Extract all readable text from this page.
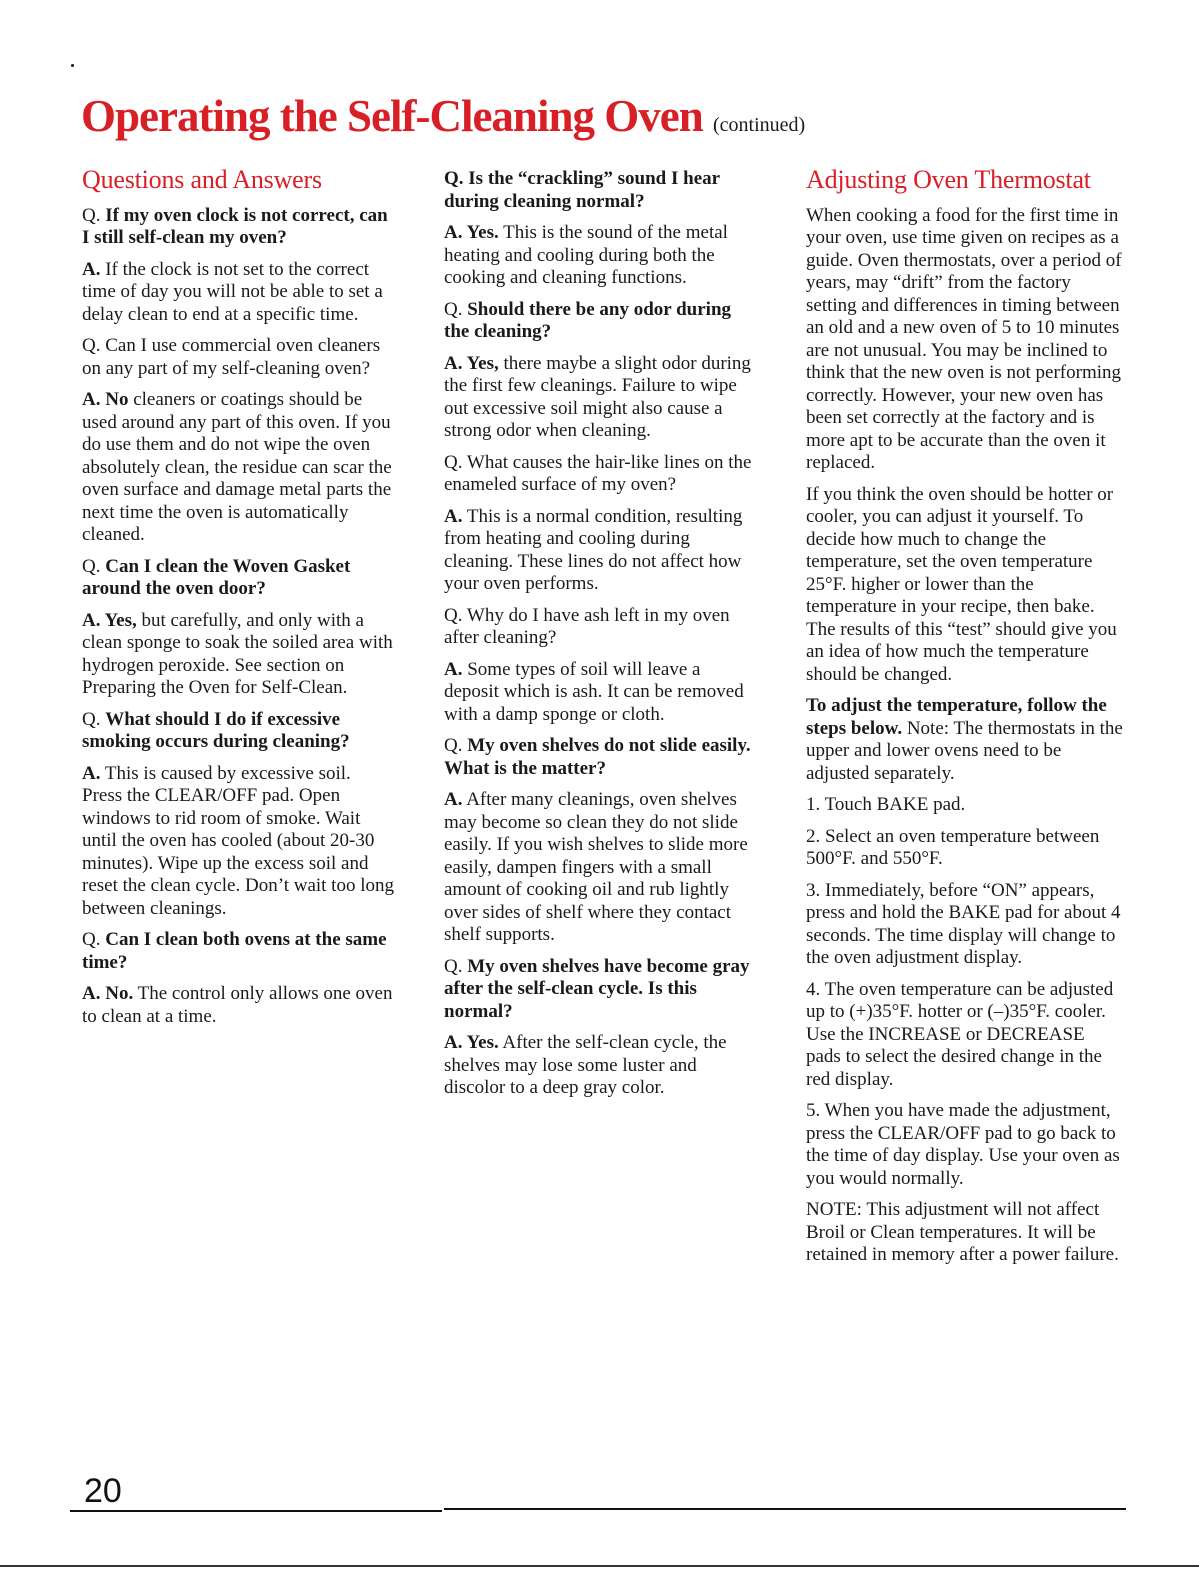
Operating the Self-Cleaning Oven (continued)
Questions and Answers

Q. If my oven clock is not correct, can I still self-clean my oven?

A. If the clock is not set to the correct time of day you will not be able to set a delay clean to end at a specific time.

Q. Can I use commercial oven cleaners on any part of my self-cleaning oven?

A. No cleaners or coatings should be used around any part of this oven. If you do use them and do not wipe the oven absolutely clean, the residue can scar the oven surface and damage metal parts the next time the oven is automatically cleaned.

Q. Can I clean the Woven Gasket around the oven door?

A. Yes, but carefully, and only with a clean sponge to soak the soiled area with hydrogen peroxide. See section on Preparing the Oven for Self-Clean.

Q. What should I do if excessive smoking occurs during cleaning?

A. This is caused by excessive soil. Press the CLEAR/OFF pad. Open windows to rid room of smoke. Wait until the oven has cooled (about 20-30 minutes). Wipe up the excess soil and reset the clean cycle. Don’t wait too long between cleanings.

Q. Can I clean both ovens at the same time?

A. No. The control only allows one oven to clean at a time.

Q. Is the “crackling” sound I hear during cleaning normal?

A. Yes. This is the sound of the metal heating and cooling during both the cooking and cleaning functions.

Q. Should there be any odor during the cleaning?

A. Yes, there maybe a slight odor during the first few cleanings. Failure to wipe out excessive soil might also cause a strong odor when cleaning.

Q. What causes the hair-like lines on the enameled surface of my oven?

A. This is a normal condition, resulting from heating and cooling during cleaning. These lines do not affect how your oven performs.

Q. Why do I have ash left in my oven after cleaning?

A. Some types of soil will leave a deposit which is ash. It can be removed with a damp sponge or cloth.

Q. My oven shelves do not slide easily. What is the matter?

A. After many cleanings, oven shelves may become so clean they do not slide easily. If you wish shelves to slide more easily, dampen fingers with a small amount of cooking oil and rub lightly over sides of shelf where they contact shelf supports.

Q. My oven shelves have become gray after the self-clean cycle. Is this normal?

A. Yes. After the self-clean cycle, the shelves may lose some luster and discolor to a deep gray color.

Adjusting Oven Thermostat

When cooking a food for the first time in your oven, use time given on recipes as a guide. Oven thermostats, over a period of years, may “drift” from the factory setting and differences in timing between an old and a new oven of 5 to 10 minutes are not unusual. You may be inclined to think that the new oven is not performing correctly. However, your new oven has been set correctly at the factory and is more apt to be accurate than the oven it replaced.

If you think the oven should be hotter or cooler, you can adjust it yourself. To decide how much to change the temperature, set the oven temperature 25°F. higher or lower than the temperature in your recipe, then bake. The results of this “test” should give you an idea of how much the temperature should be changed.

To adjust the temperature, follow the steps below. Note: The thermostats in the upper and lower ovens need to be adjusted separately.

1. Touch BAKE pad.

2. Select an oven temperature between 500°F. and 550°F.

3. Immediately, before “ON” appears, press and hold the BAKE pad for about 4 seconds. The time display will change to the oven adjustment display.

4. The oven temperature can be adjusted up to (+)35°F. hotter or (–)35°F. cooler. Use the INCREASE or DECREASE pads to select the desired change in the red display.

5. When you have made the adjustment, press the CLEAR/OFF pad to go back to the time of day display. Use your oven as you would normally.

NOTE: This adjustment will not affect Broil or Clean temperatures. It will be retained in memory after a power failure.

20
